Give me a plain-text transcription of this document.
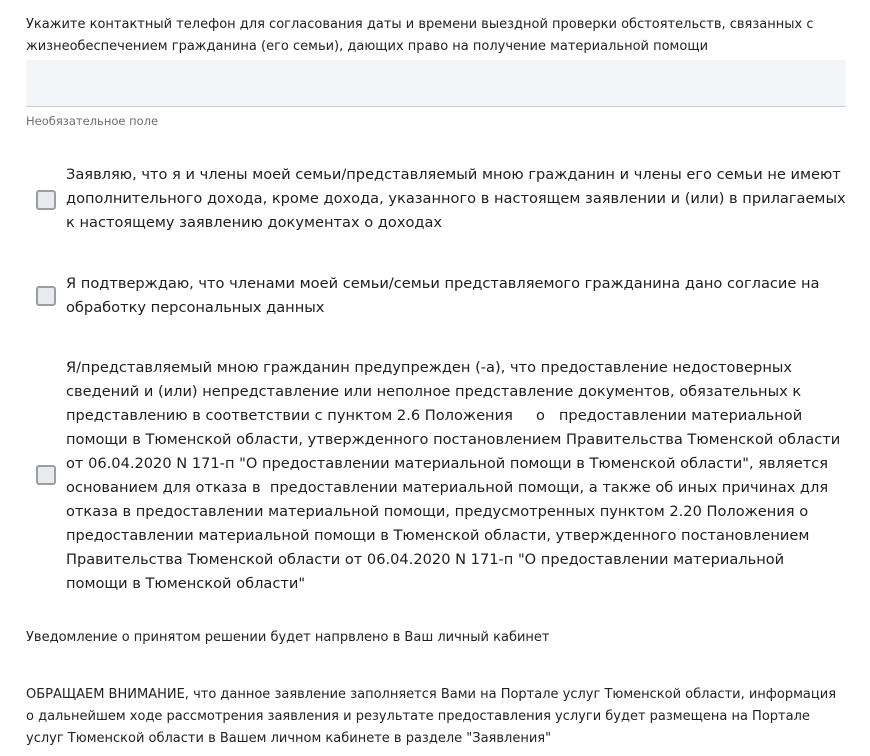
Укажите контактный телефон для согласования даты и времени выездной проверки обстоятельств, связанных с жизнеобеспечением гражданина (его семьи), дающих право на получение материальной помощи
Необязательное поле
Заявляю, что я и члены моей семьи/представляемый мною гражданин и члены его семьи не имеют дополнительного дохода, кроме дохода, указанного в настоящем заявлении и (или) в прилагаемых к настоящему заявлению документах о доходах
Я подтверждаю, что членами моей семьи/семьи представляемого гражданина дано согласие на обработку персональных данных
Я/представляемый мною гражданин предупрежден (-а), что предоставление недостоверных сведений и (или) непредставление или неполное представление документов, обязательных к представлению в соответствии с пунктом 2.6 Положения     о   предоставлении материальной помощи в Тюменской области, утвержденного постановлением Правительства Тюменской области от 06.04.2020 N 171-п "О предоставлении материальной помощи в Тюменской области", является основанием для отказа в  предоставлении материальной помощи, а также об иных причинах для отказа в предоставлении материальной помощи, предусмотренных пунктом 2.20 Положения о предоставлении материальной помощи в Тюменской области, утвержденного постановлением Правительства Тюменской области от 06.04.2020 N 171-п "О предоставлении материальной помощи в Тюменской области"
Уведомление о принятом решении будет напрвлено в Ваш личный кабинет
ОБРАЩАЕМ ВНИМАНИЕ, что данное заявление заполняется Вами на Портале услуг Тюменской области, информация о дальнейшем ходе рассмотрения заявления и результате предоставления услуги будет размещена на Портале услуг Тюменской области в Вашем личном кабинете в разделе "Заявления"
